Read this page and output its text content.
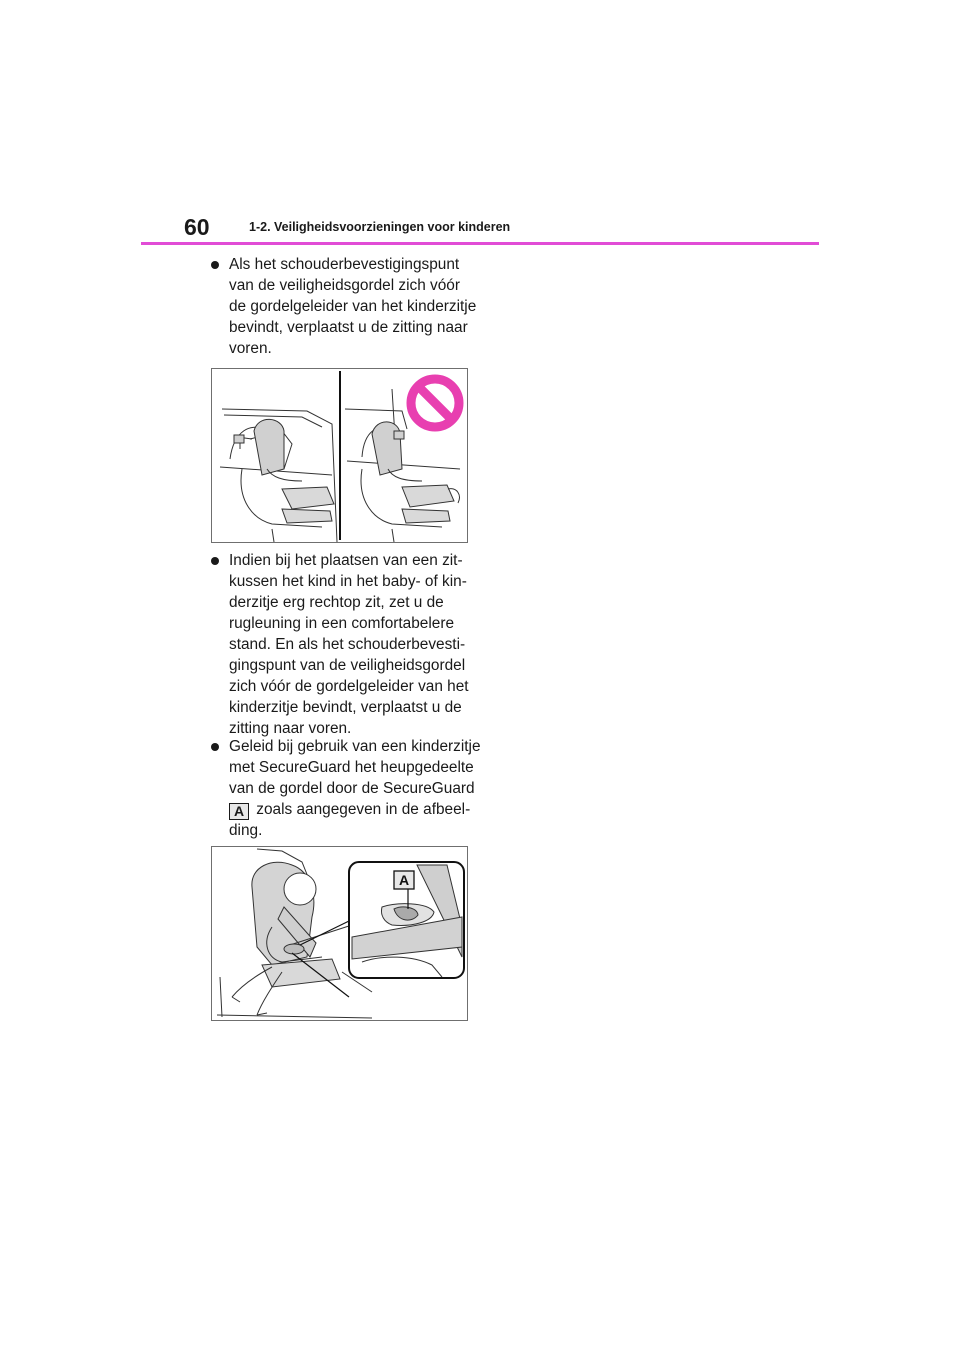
60	1-2. Veiligheidsvoorzieningen voor kinderen
Als het schouderbevestigingspunt
van de veiligheidsgordel zich vóór
de gordelgeleider van het kinderzitje
bevindt, verplaatst u de zitting naar
voren.
Indien bij het plaatsen van een zit-
kussen het kind in het baby- of kin-
derzitje erg rechtop zit, zet u de
rugleuning in een comfortabelere
stand. En als het schouderbevesti-
gingspunt van de veiligheidsgordel
zich vóór de gordelgeleider van het
kinderzitje bevindt, verplaatst u de
zitting naar voren.
Geleid bij gebruik van een kinderzitje
met SecureGuard het heupgedeelte
van de gordel door de SecureGuard
A zoals aangegeven in de afbeel-
ding.
A
